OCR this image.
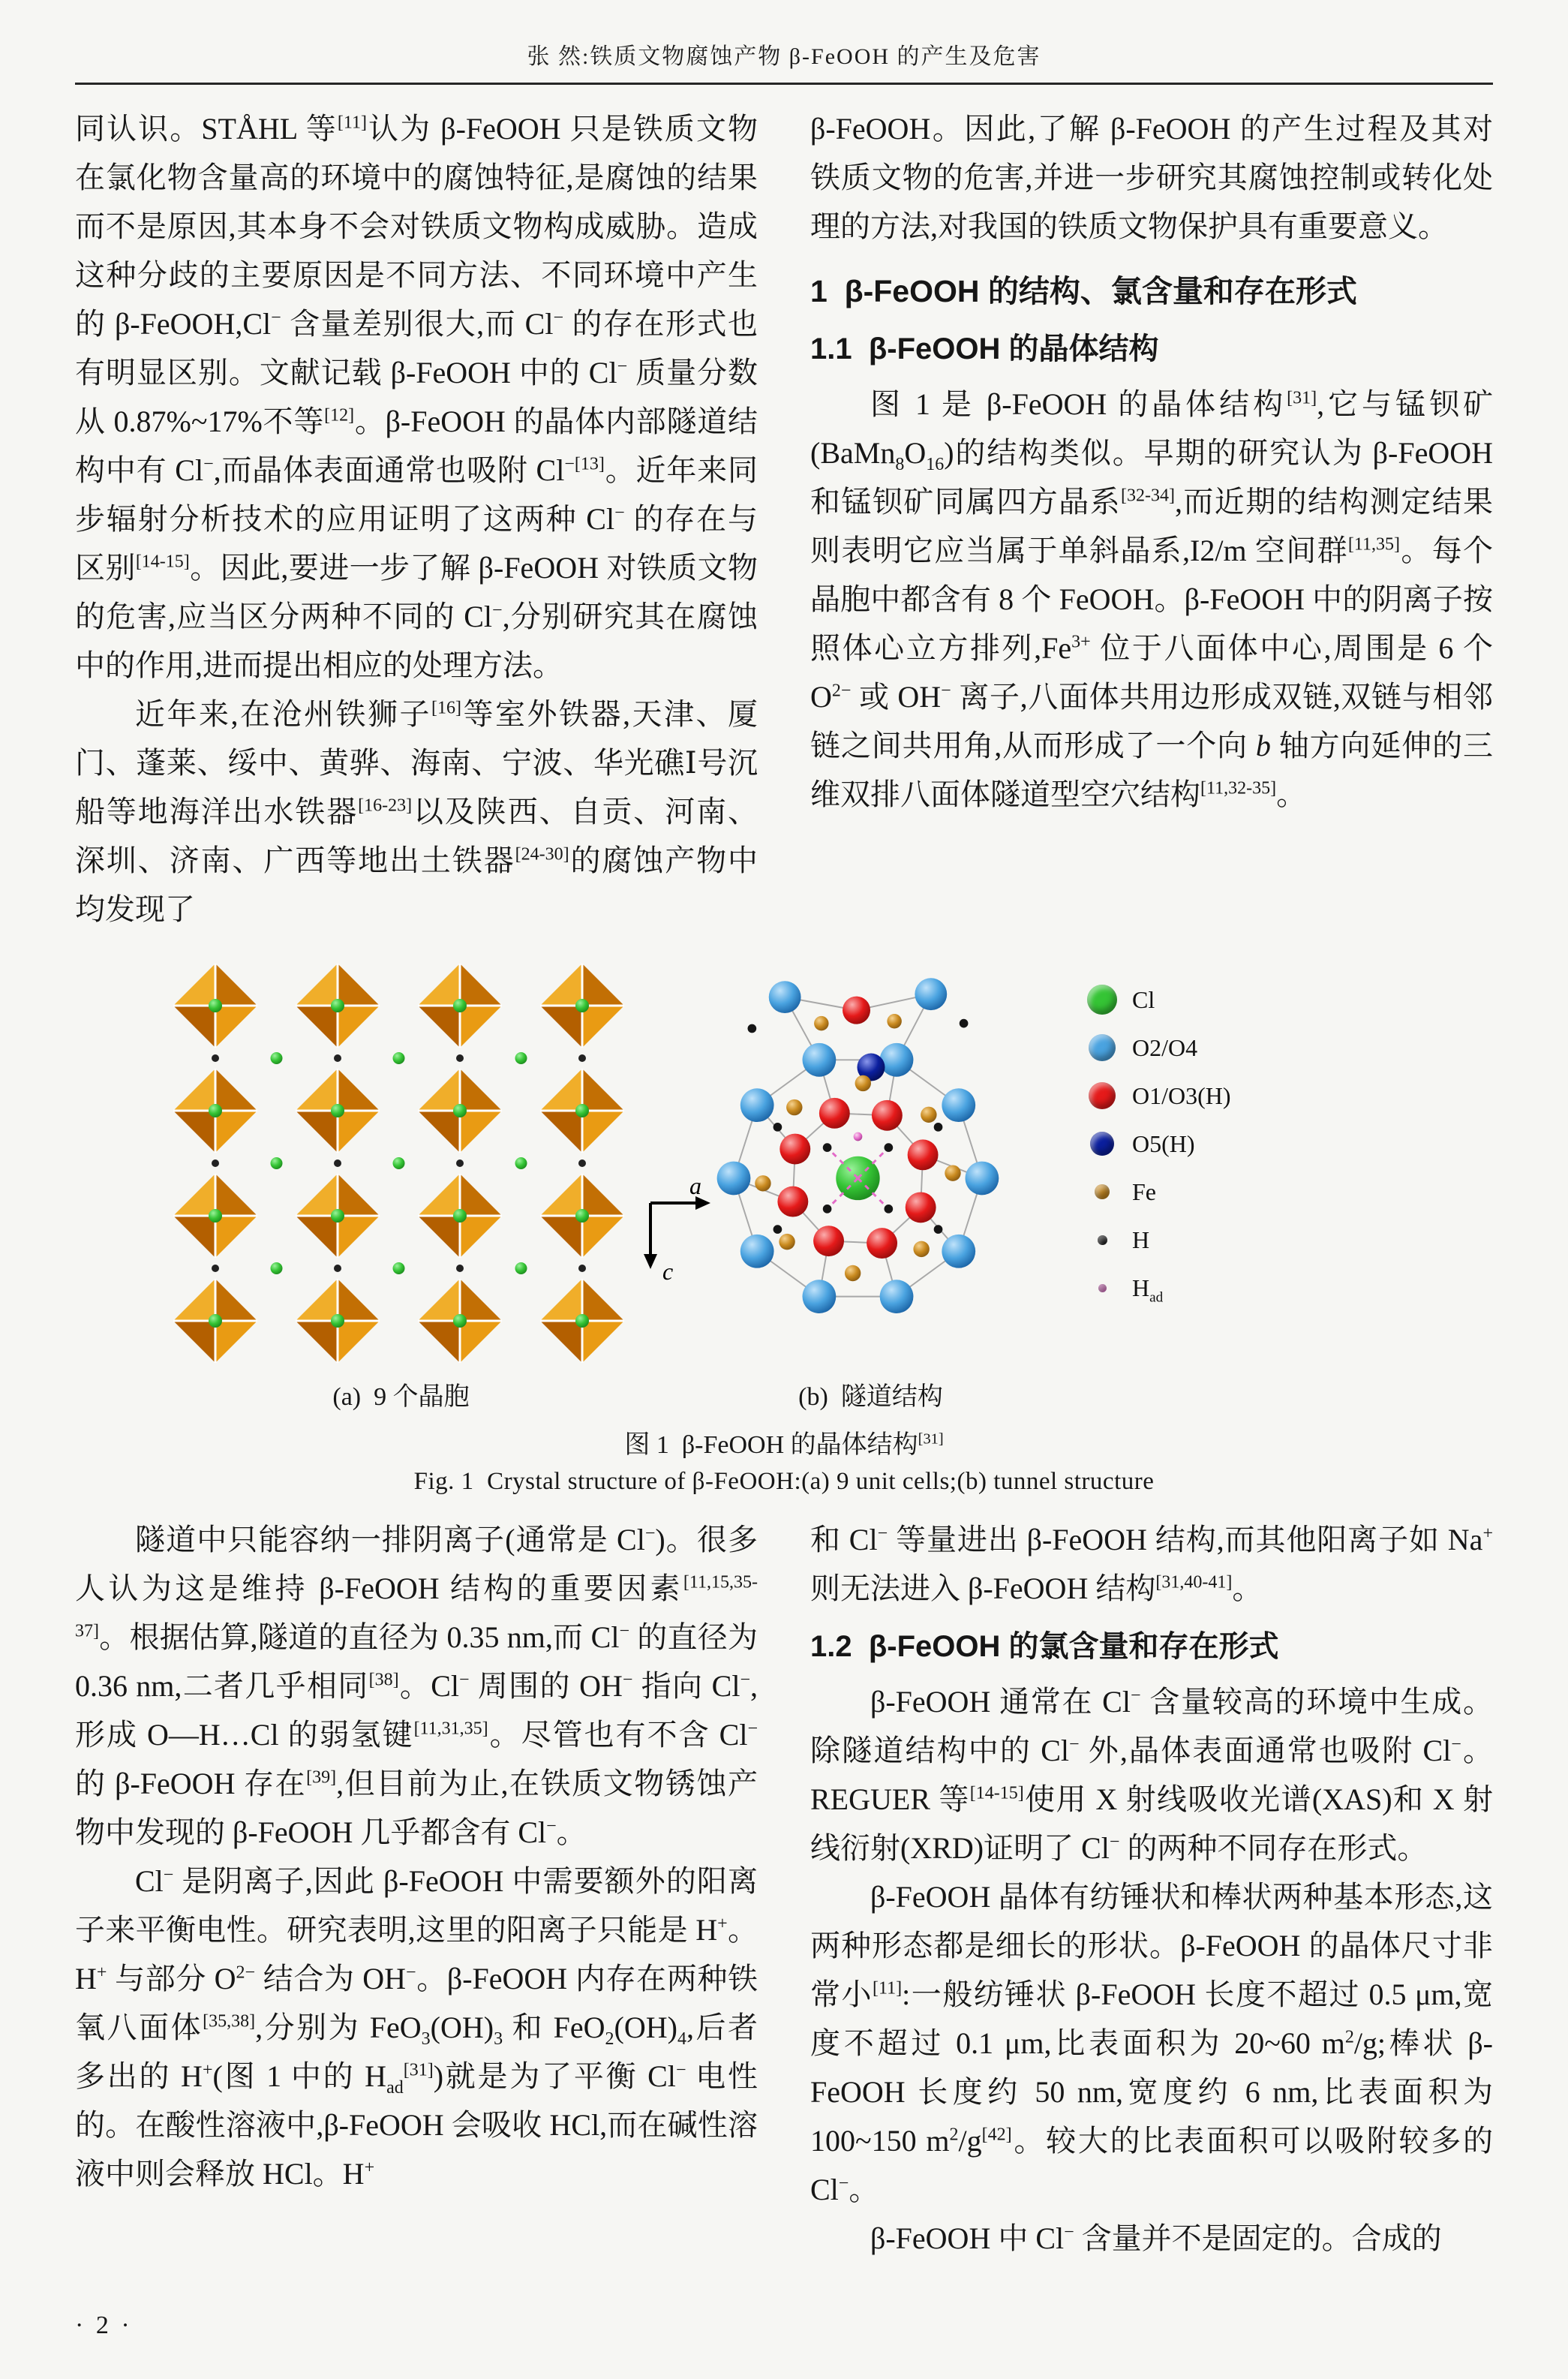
张 然:铁质文物腐蚀产物 β-FeOOH 的产生及危害

同认识。STÅHL 等[11]认为 β-FeOOH 只是铁质文物在氯化物含量高的环境中的腐蚀特征,是腐蚀的结果而不是原因,其本身不会对铁质文物构成威胁。造成这种分歧的主要原因是不同方法、不同环境中产生的 β-FeOOH,Cl− 含量差别很大,而 Cl− 的存在形式也有明显区别。文献记载 β-FeOOH 中的 Cl− 质量分数从 0.87%~17%不等[12]。β-FeOOH 的晶体内部隧道结构中有 Cl−,而晶体表面通常也吸附 $Cl^{-[13]}$。近年来同步辐射分析技术的应用证明了这两种 Cl− 的存在与区别[14-15]。因此,要进一步了解 β-FeOOH 对铁质文物的危害,应当区分两种不同的 Cl−,分别研究其在腐蚀中的作用,进而提出相应的处理方法。

近年来,在沧州铁狮子[16]等室外铁器,天津、厦门、蓬莱、绥中、黄骅、海南、宁波、华光礁Ⅰ号沉船等地海洋出水铁器[16-23]以及陕西、自贡、河南、深圳、济南、广西等地出土铁器[24-30]的腐蚀产物中均发现了

β-FeOOH。因此,了解 β-FeOOH 的产生过程及其对铁质文物的危害,并进一步研究其腐蚀控制或转化处理的方法,对我国的铁质文物保护具有重要意义。

1  β-FeOOH 的结构、氯含量和存在形式
1.1  β-FeOOH 的晶体结构

图 1 是 β-FeOOH 的晶体结构[31],它与锰钡矿$(BaMn_8O_{16})$的结构类似。早期的研究认为 β-FeOOH 和锰钡矿同属四方晶系[32-34],而近期的结构测定结果则表明它应当属于单斜晶系,I2/m 空间群[11,35]。每个晶胞中都含有 8 个 FeOOH。β-FeOOH 中的阴离子按照体心立方排列$,Fe^{3+}$ 位于八面体中心,周围是 6 个 $O^{2-}$ 或 OH− 离子,八面体共用边形成双链,双链与相邻链之间共用角,从而形成了一个向 b 轴方向延伸的三维双排八面体隧道型空穴结构[11,32-35]。

a
c
Cl
O2/O4
O1/O3(H)
O5(H)
Fe
H
$H_{ad}$
(a)  9 个晶胞	(b)  隧道结构
图 1  β-FeOOH 的晶体结构[31]
Fig. 1  Crystal structure of β-FeOOH:(a) 9 unit cells;(b) tunnel structure

隧道中只能容纳一排阴离子(通常是 Cl−)。很多人认为这是维持 β-FeOOH 结构的重要因素[11,15,35-37]。根据估算,隧道的直径为 0.35 nm,而 Cl− 的直径为 0.36 nm,二者几乎相同[38]。Cl− 周围的 OH− 指向 Cl−,形成 O—H…Cl 的弱氢键[11,31,35]。尽管也有不含 Cl− 的 β-FeOOH 存在[39],但目前为止,在铁质文物锈蚀产物中发现的 β-FeOOH 几乎都含有 Cl−。

Cl− 是阴离子,因此 β-FeOOH 中需要额外的阳离子来平衡电性。研究表明,这里的阳离子只能是 H+。H+ 与部分 $O^{2-}$ 结合为 OH−。β-FeOOH 内存在两种铁氧八面体[35,38],分别为 $FeO_3(OH)_3$ 和 $FeO_2(OH)_4$,后者多出的 H+(图 1 中的 $H_{ad}[31]$)就是为了平衡 Cl− 电性的。在酸性溶液中,β-FeOOH 会吸收 HCl,而在碱性溶液中则会释放 HCl。H+

和 Cl− 等量进出 β-FeOOH 结构,而其他阳离子如 Na+ 则无法进入 β-FeOOH 结构[31,40-41]。

1.2  β-FeOOH 的氯含量和存在形式

β-FeOOH 通常在 Cl− 含量较高的环境中生成。除隧道结构中的 Cl− 外,晶体表面通常也吸附 Cl−。REGUER 等[14-15]使用 X 射线吸收光谱(XAS)和 X 射线衍射(XRD)证明了 Cl− 的两种不同存在形式。

β-FeOOH 晶体有纺锤状和棒状两种基本形态,这两种形态都是细长的形状。β-FeOOH 的晶体尺寸非常小[11]:一般纺锤状 β-FeOOH 长度不超过 0.5 μm,宽度不超过 0.1 μm,比表面积为 20~60 $m^2/g$;棒状 β-FeOOH 长度约 50 nm,宽度约 6 nm,比表面积为 100~150 $m^2/g[42]$。较大的比表面积可以吸附较多的 Cl−。

β-FeOOH 中 Cl− 含量并不是固定的。合成的

· 2 ·
